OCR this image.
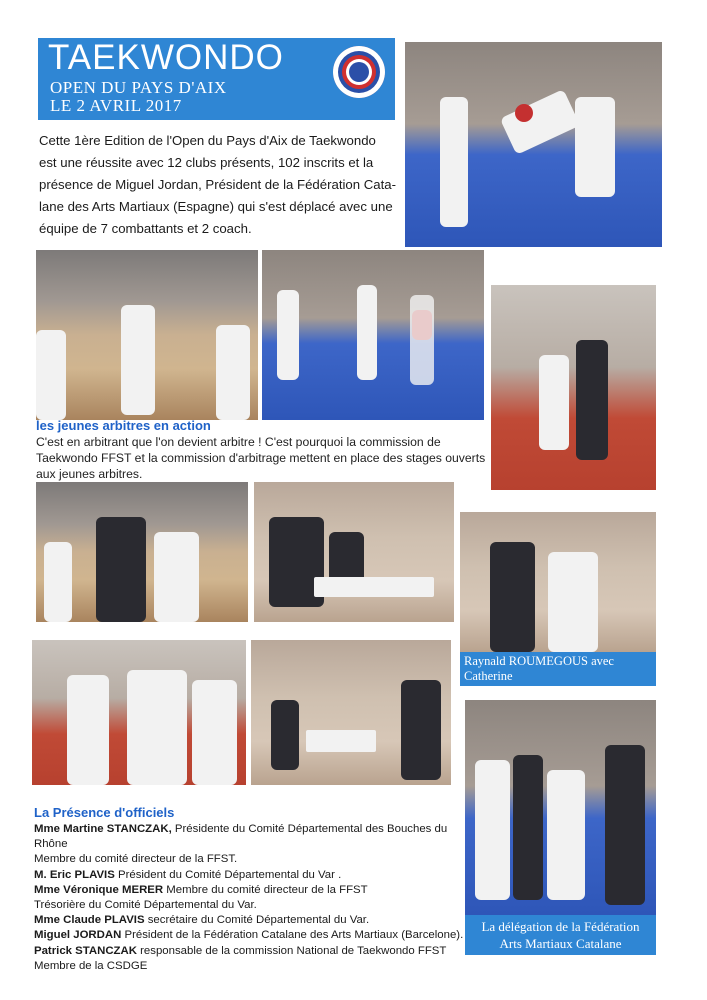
TAEKWONDO
OPEN DU PAYS D'AIX
LE 2 AVRIL 2017
Cette 1ère Edition de l'Open du Pays d'Aix de Taekwondo
est une réussite avec 12 clubs présents, 102 inscrits et la
présence de Miguel Jordan, Président de la Fédération Cata-
lane des Arts Martiaux (Espagne) qui s'est déplacé avec une
équipe de 7 combattants et 2 coach.
les jeunes arbitres en action
C'est en arbitrant que l'on devient arbitre ! C'est pourquoi la commission de
Taekwondo FFST et la commission d'arbitrage mettent en place des stages ouverts
aux jeunes arbitres.
Raynald ROUMEGOUS avec Catherine
THIEBAUT medecin de la
La délégation de la Fédération
Arts Martiaux Catalane
La Présence d'officiels
Mme Martine STANCZAK, Présidente du Comité Départemental des Bouches du Rhône
Membre du comité directeur de la FFST.
M. Eric PLAVIS Président du Comité Départemental du Var .
Mme Véronique MERER Membre du comité directeur de la FFST
Trésorière du Comité Départemental du Var.
Mme Claude PLAVIS secrétaire du Comité Départemental du Var.
Miguel JORDAN Président de la Fédération Catalane des Arts Martiaux (Barcelone).
Patrick STANCZAK responsable de la commission National de Taekwondo FFST
Membre de la CSDGE
